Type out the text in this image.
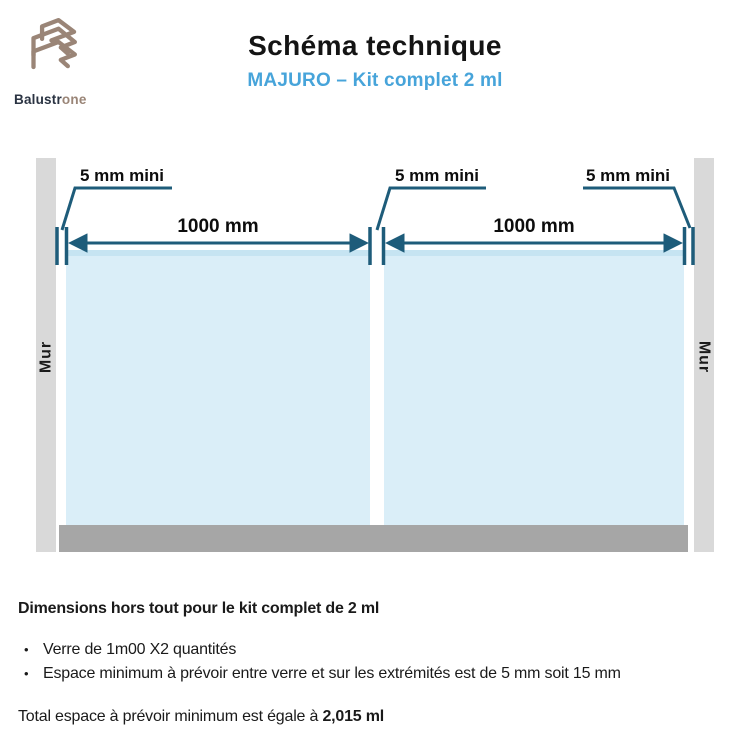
Balustrone
Schéma technique
MAJURO – Kit complet 2 ml
Mur	Mur
5 mm mini	5 mm mini	5 mm mini
1000 mm	1000 mm
Dimensions hors tout pour le kit complet de 2 ml
• Verre de 1m00 X2 quantités
• Espace minimum à prévoir entre verre et sur les extrémités est de 5 mm soit 15 mm
Total espace à prévoir minimum est égale à 2,015 ml
